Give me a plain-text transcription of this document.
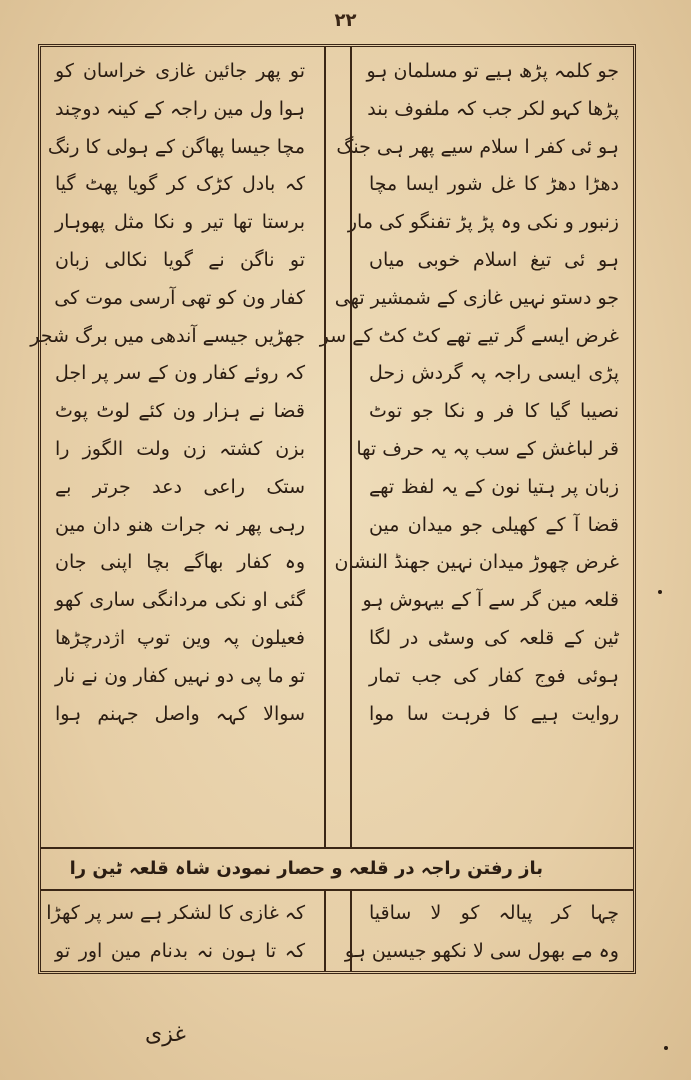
۲۲
جو کلمہ پڑھ ہیے تو مسلمان ہو
پڑھا کہو لکر جب کہ ملفوف بند
ہو ئی کفر ا سلام سیے پھر ہی جنگ
دھڑا دھڑ کا غل شور ایسا مچا
زنبور و نکی وہ پڑ پڑ تفنگو کی مار
ہو ئی تیغ اسلام خوبی میاں
جو دستو نہیں غازی کے شمشیر تھی
غرض ایسے گر تیے تھے کٹ کٹ کے سر
پڑی ایسی راجہ پہ گردش زحل
نصیبا گیا کا فر و نکا جو توٹ
قر لباغش کے سب پہ یہ حرف تھا
زبان پر ہتیا نون کے یہ لفظ تھے
قضا آ کے کھیلی جو میدان مین
غرض چھوڑ میدان نہین جھنڈ النشان
قلعہ مین گر سے آ کے بیہوش ہو
ٹین کے قلعہ کی وسٹی در لگا
ہوئی فوج کفار کی جب تمار
روایت ہیے کا فرہت سا موا
تو پھر جائین غازی خراسان کو
ہوا ول مین راجہ کے کینہ دوچند
مچا جیسا پھاگن کے ہولی کا رنگ
کہ بادل کڑک کر گویا پھٹ گیا
برستا تھا تیر و نکا مثل پھوہار
تو ناگن نے گویا نکالی زبان
کفار ون کو تھی آرسی موت کی
جھڑیں جیسے آندھی میں برگ شجر
کہ روئے کفار ون کے سر پر اجل
قضا نے ہزار ون کئے لوٹ پوٹ
بزن کشتہ زن ولت الگوز را
ستک راعی دعد جرتر بے
رہی پھر نہ جرات هنو دان مین
وہ کفار بھاگے بچا اپنی جان
گئی او نکی مردانگی ساری کھو
فعیلون پہ وین توپ اژدرچڑھا
تو ما پی دو نہیں کفار ون نے نار
سوالا کہہ واصل جہنم ہوا
باز رفتن راجہ در قلعہ و حصار نمودن شاہ قلعہ ٹین را
چہا کر پیالہ کو لا ساقیا
وہ مے بھول سی لا نکھو جیسین ہو
کہ غازی کا لشکر ہے سر پر کھڑا
کہ تا ہون نہ بدنام مین اور تو
غزی
